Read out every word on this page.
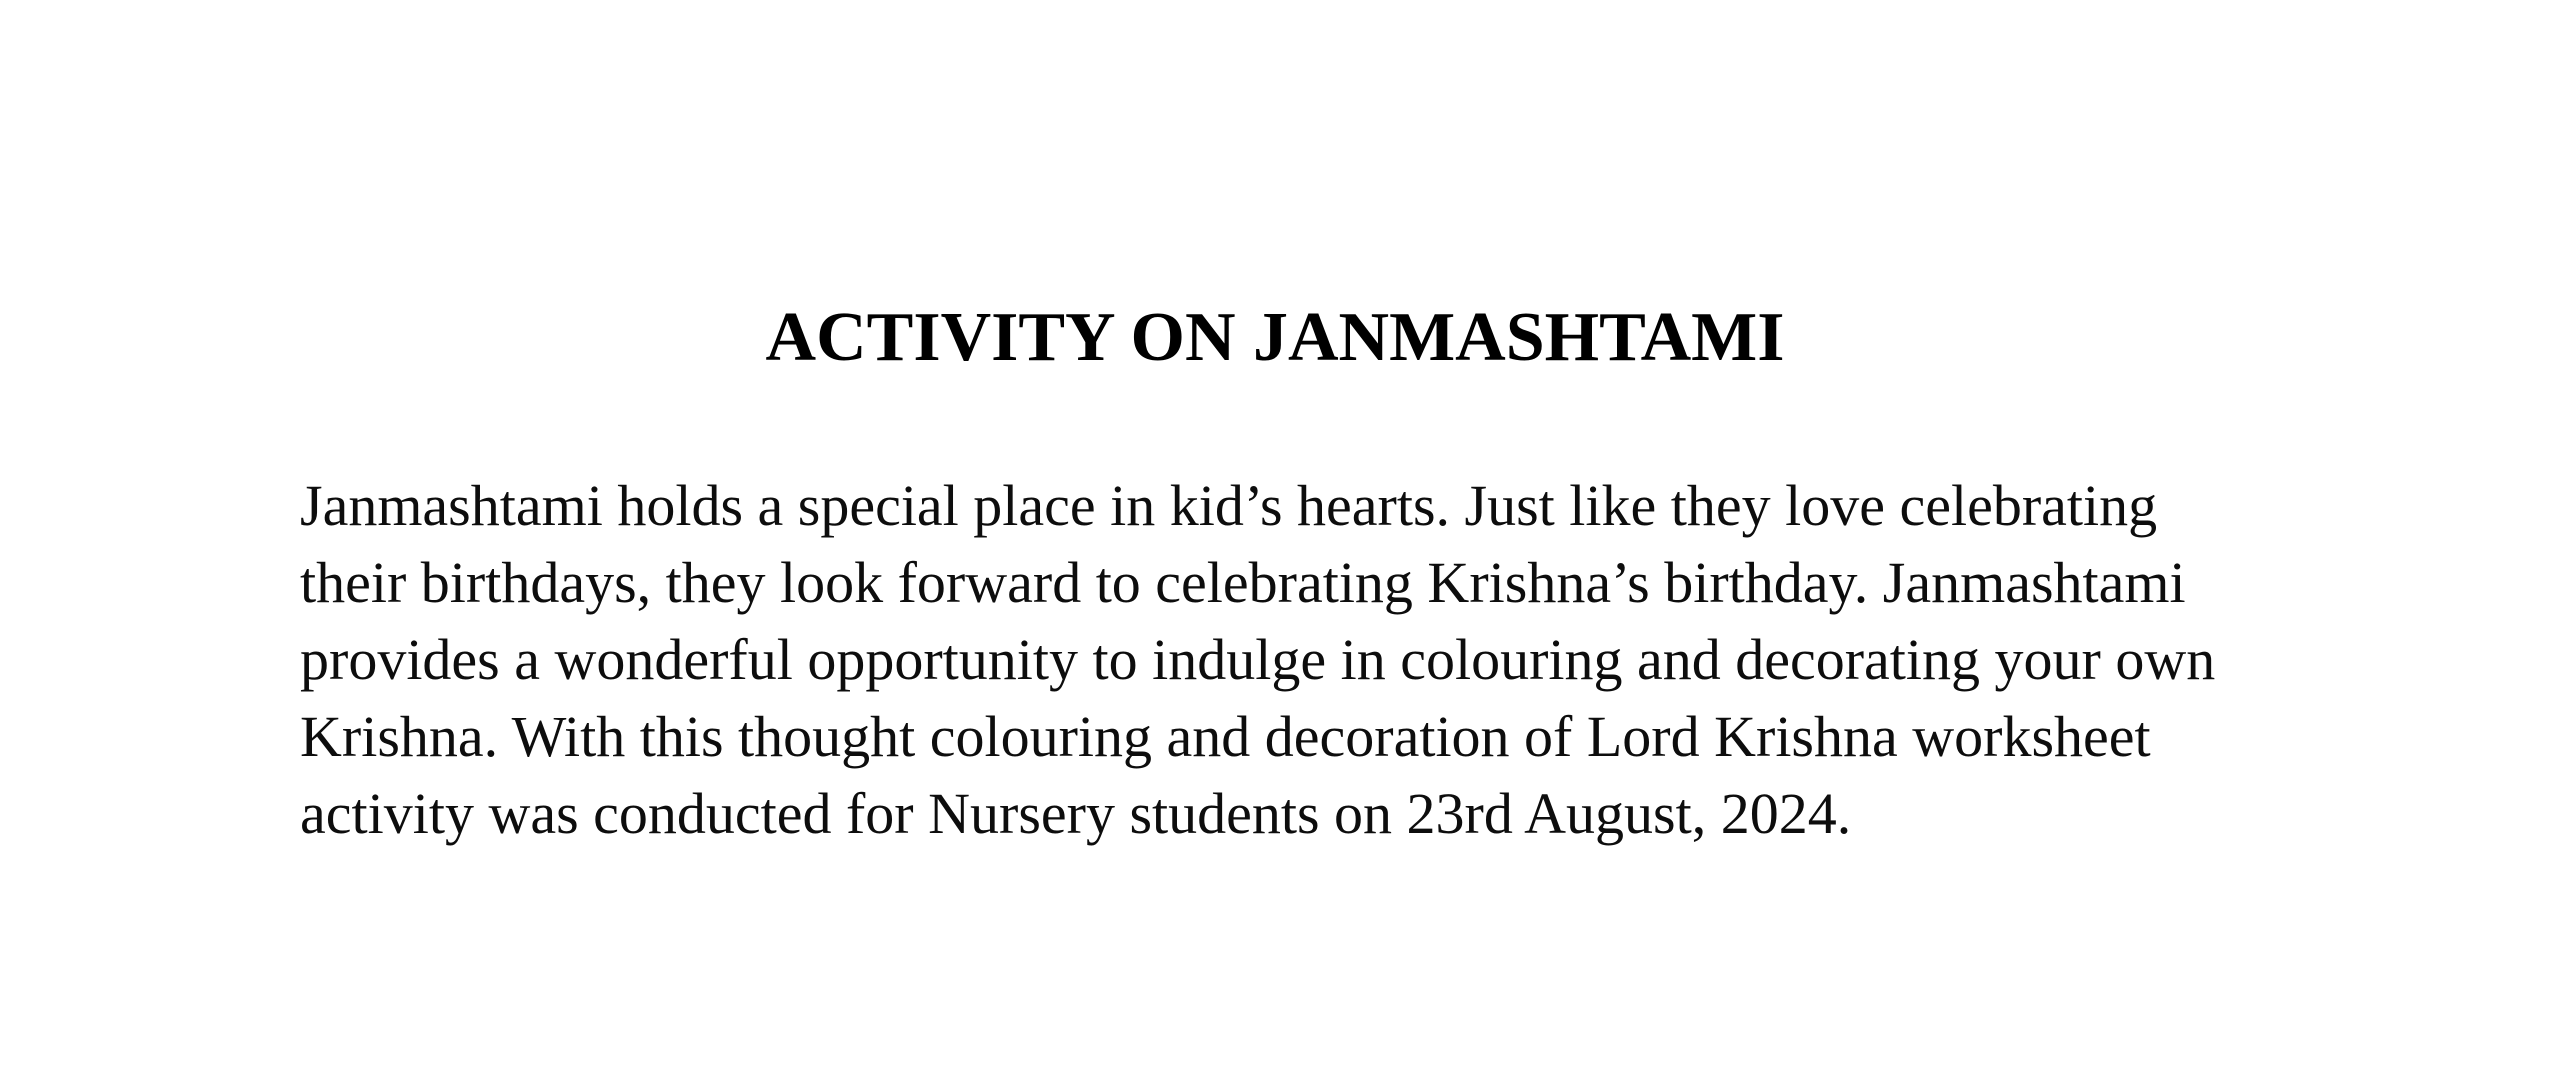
ACTIVITY ON JANMASHTAMI

Janmashtami holds a special place in kid’s hearts. Just like they love celebrating their birthdays, they look forward to celebrating Krishna’s birthday. Janmashtami provides a wonderful opportunity to indulge in colouring and decorating your own Krishna. With this thought colouring and decoration of Lord Krishna worksheet activity was conducted for Nursery students on 23rd August, 2024.
